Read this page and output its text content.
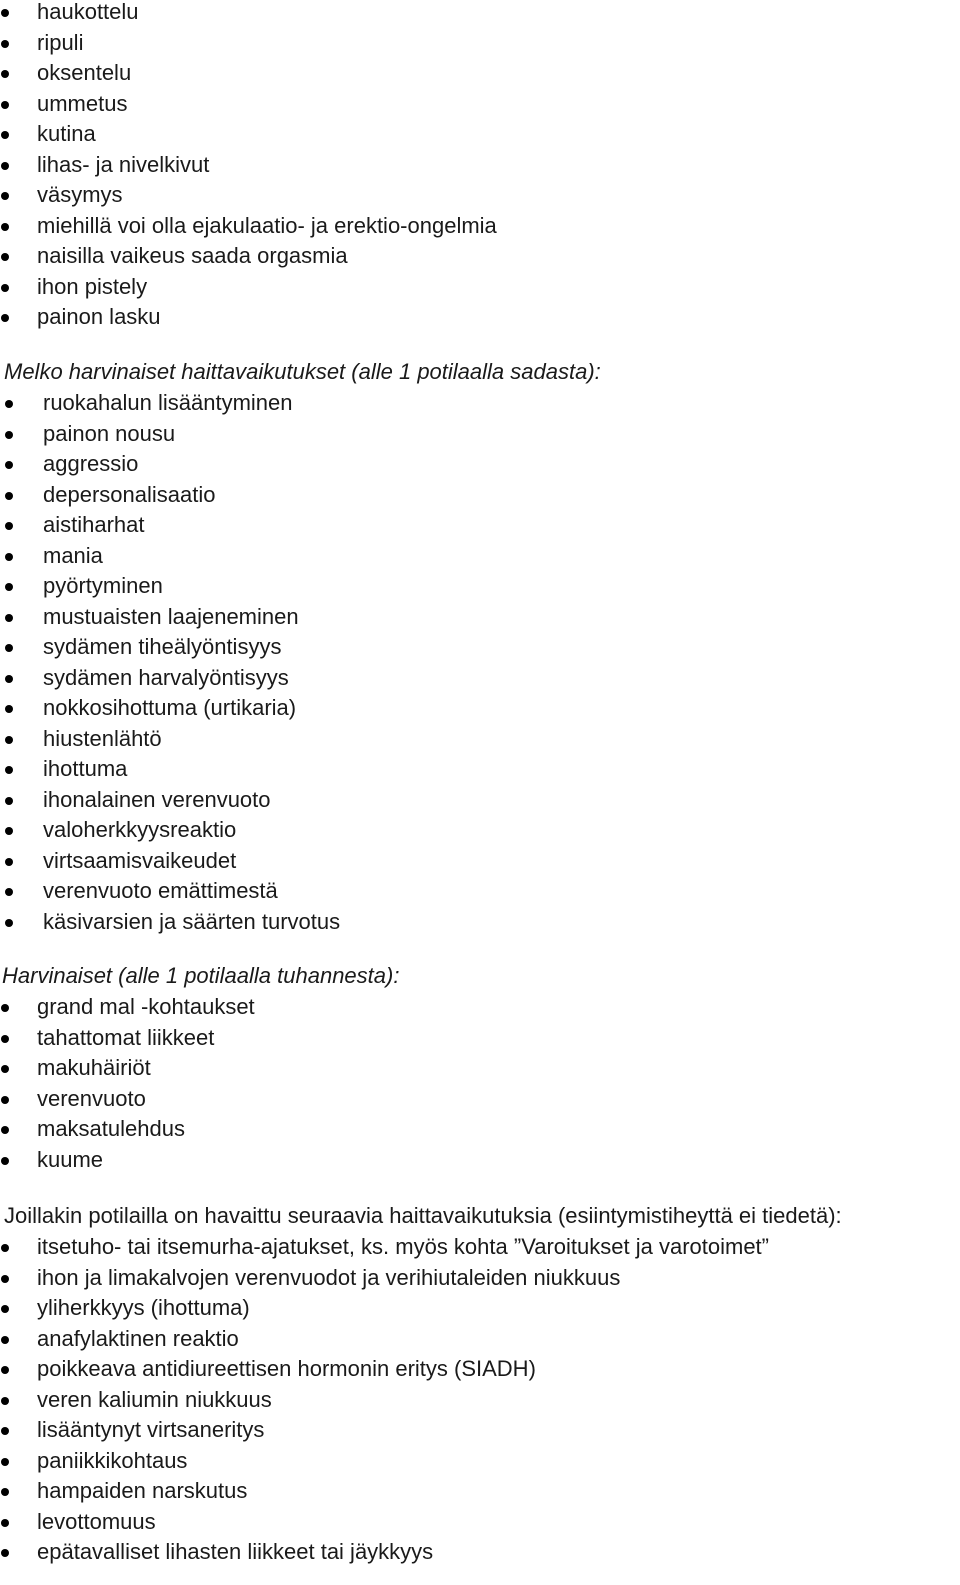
haukottelu
ripuli
oksentelu
ummetus
kutina
lihas- ja nivelkivut
väsymys
miehillä voi olla ejakulaatio- ja erektio-ongelmia
naisilla vaikeus saada orgasmia
ihon pistely
painon lasku
Melko harvinaiset haittavaikutukset (alle 1 potilaalla sadasta):
ruokahalun lisääntyminen
painon nousu
aggressio
depersonalisaatio
aistiharhat
mania
pyörtyminen
mustuaisten laajeneminen
sydämen tiheälyöntisyys
sydämen harvalyöntisyys
nokkosihottuma (urtikaria)
hiustenlähtö
ihottuma
ihonalainen verenvuoto
valoherkkyysreaktio
virtsaamisvaikeudet
verenvuoto emättimestä
käsivarsien ja säärten turvotus
Harvinaiset (alle 1 potilaalla tuhannesta):
grand mal -kohtaukset
tahattomat liikkeet
makuhäiriöt
verenvuoto
maksatulehdus
kuume
Joillakin potilailla on havaittu seuraavia haittavaikutuksia (esiintymistiheyttä ei tiedetä):
itsetuho- tai itsemurha-ajatukset, ks. myös kohta ”Varoitukset ja varotoimet”
ihon ja limakalvojen verenvuodot ja verihiutaleiden niukkuus
yliherkkyys (ihottuma)
anafylaktinen reaktio
poikkeava antidiureettisen hormonin eritys (SIADH)
veren kaliumin niukkuus
lisääntynyt virtsaneritys
paniikkikohtaus
hampaiden narskutus
levottomuus
epätavalliset lihasten liikkeet tai jäykkyys
